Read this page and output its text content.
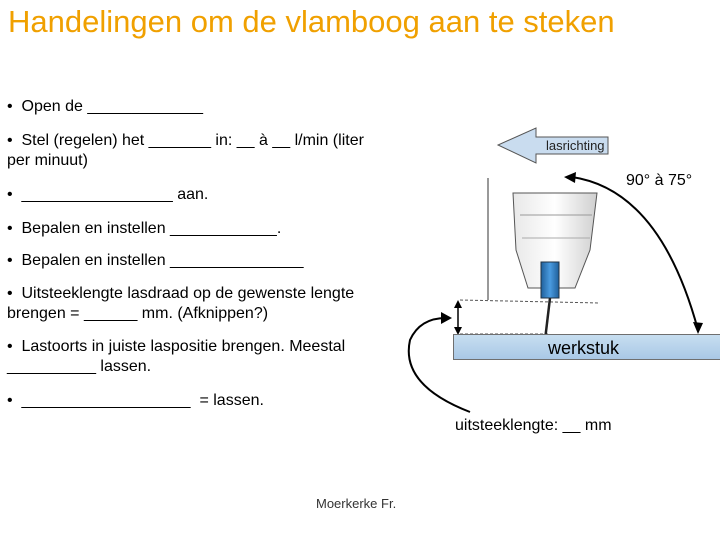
Handelingen om de vlamboog aan te steken
•  Open de _____________
•  Stel (regelen) het _______ in: __ à __ l/min (liter
per minuut)
•  _________________ aan.
•  Bepalen en instellen ____________.
•  Bepalen en instellen _______________
•  Uitsteeklengte lasdraad op de gewenste lengte
brengen = ______ mm. (Afknippen?)
•  Lastoorts in juiste laspositie brengen. Meestal
__________ lassen.
•  ___________________  = lassen.
werkstuk
lasrichting
90° à 75°
uitsteeklengte: __ mm
Moerkerke Fr.
